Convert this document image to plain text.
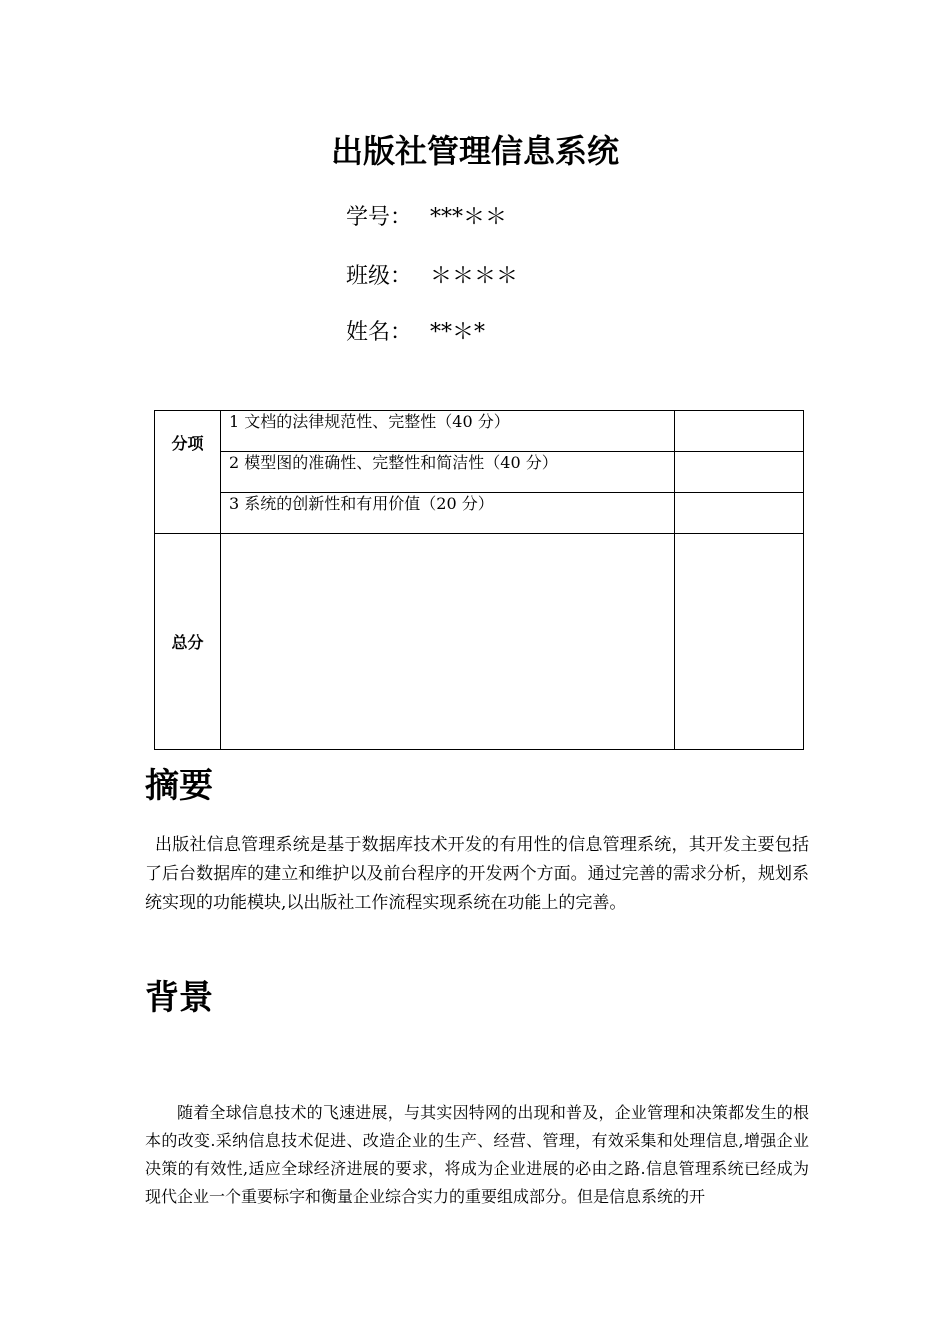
出版社管理信息系统
学号： ***＊＊
班级： ＊＊＊＊
姓名： **＊*
分项	1 文档的法律规范性、完整性（40 分）	

	2 模型图的准确性、完整性和简洁性（40 分）	

	3 系统的创新性和有用价值（20 分）	

总分		

摘要

出版社信息管理系统是基于数据库技术开发的有用性的信息管理系统，其开发主要包括了后台数据库的建立和维护以及前台程序的开发两个方面。通过完善的需求分析，规划系统实现的功能模块,以出版社工作流程实现系统在功能上的完善。

背景

随着全球信息技术的飞速进展，与其实因特网的出现和普及，企业管理和决策都发生的根本的改变.采纳信息技术促进、改造企业的生产、经营、管理，有效采集和处理信息,增强企业决策的有效性,适应全球经济进展的要求，将成为企业进展的必由之路.信息管理系统已经成为现代企业一个重要标字和衡量企业综合实力的重要组成部分。但是信息系统的开
